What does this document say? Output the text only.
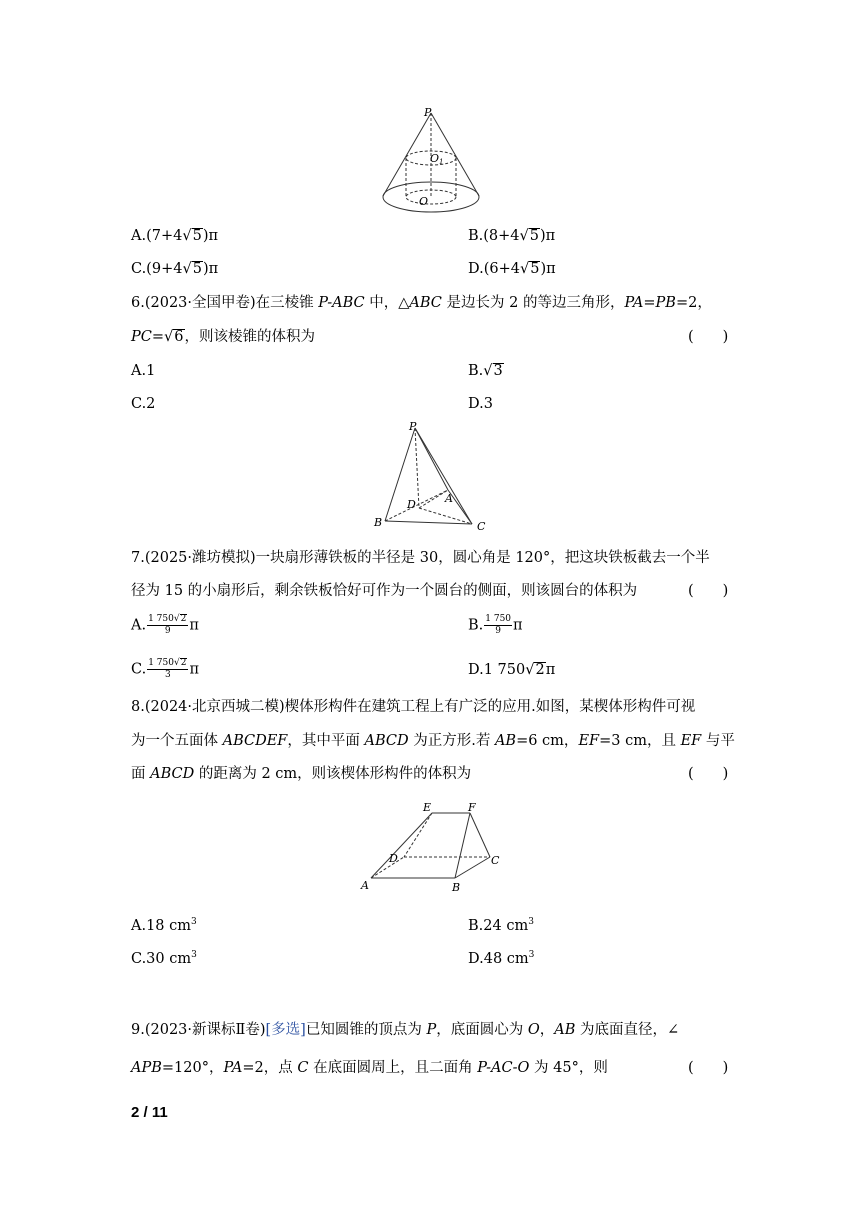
P
O1
O
A.(7+4√5)π	B.(8+4√5)π
C.(9+4√5)π	D.(6+4√5)π
6.(2023·全国甲卷)在三棱锥 P-ABC 中，△ABC 是边长为 2 的等边三角形，PA=PB=2，
PC=√6，则该棱锥的体积为	(　　)
A.1	B.√3
C.2	D.3
P
D	A
B	C
7.(2025·潍坊模拟)一块扇形薄铁板的半径是 30，圆心角是 120°，把这块铁板截去一个半
径为 15 的小扇形后，剩余铁板恰好可作为一个圆台的侧面，则该圆台的体积为	(　　)
A. $\frac{1 750√2}{9}$ π	B. $\frac{1 750}{9}$ π
C. $\frac{1 750√2}{3}$ π	D.1 750√2π
8.(2024·北京西城二模)楔体形构件在建筑工程上有广泛的应用.如图，某楔体形构件可视
为一个五面体 ABCDEF，其中平面 ABCD 为正方形.若 AB=6 cm，EF=3 cm，且 EF 与平
面 ABCD 的距离为 2 cm，则该楔体形构件的体积为	(　　)
E	F
D	C
A	B
A.18 $cm^3$	B.24 $cm^3$
C.30 $cm^3$	D.48 $cm^3$
9.(2023·新课标Ⅱ卷)[多选]已知圆锥的顶点为 P，底面圆心为 O，AB 为底面直径，∠
APB=120°，PA=2，点 C 在底面圆周上，且二面角 P-AC-O 为 45°，则	(　　)
2 / 11
